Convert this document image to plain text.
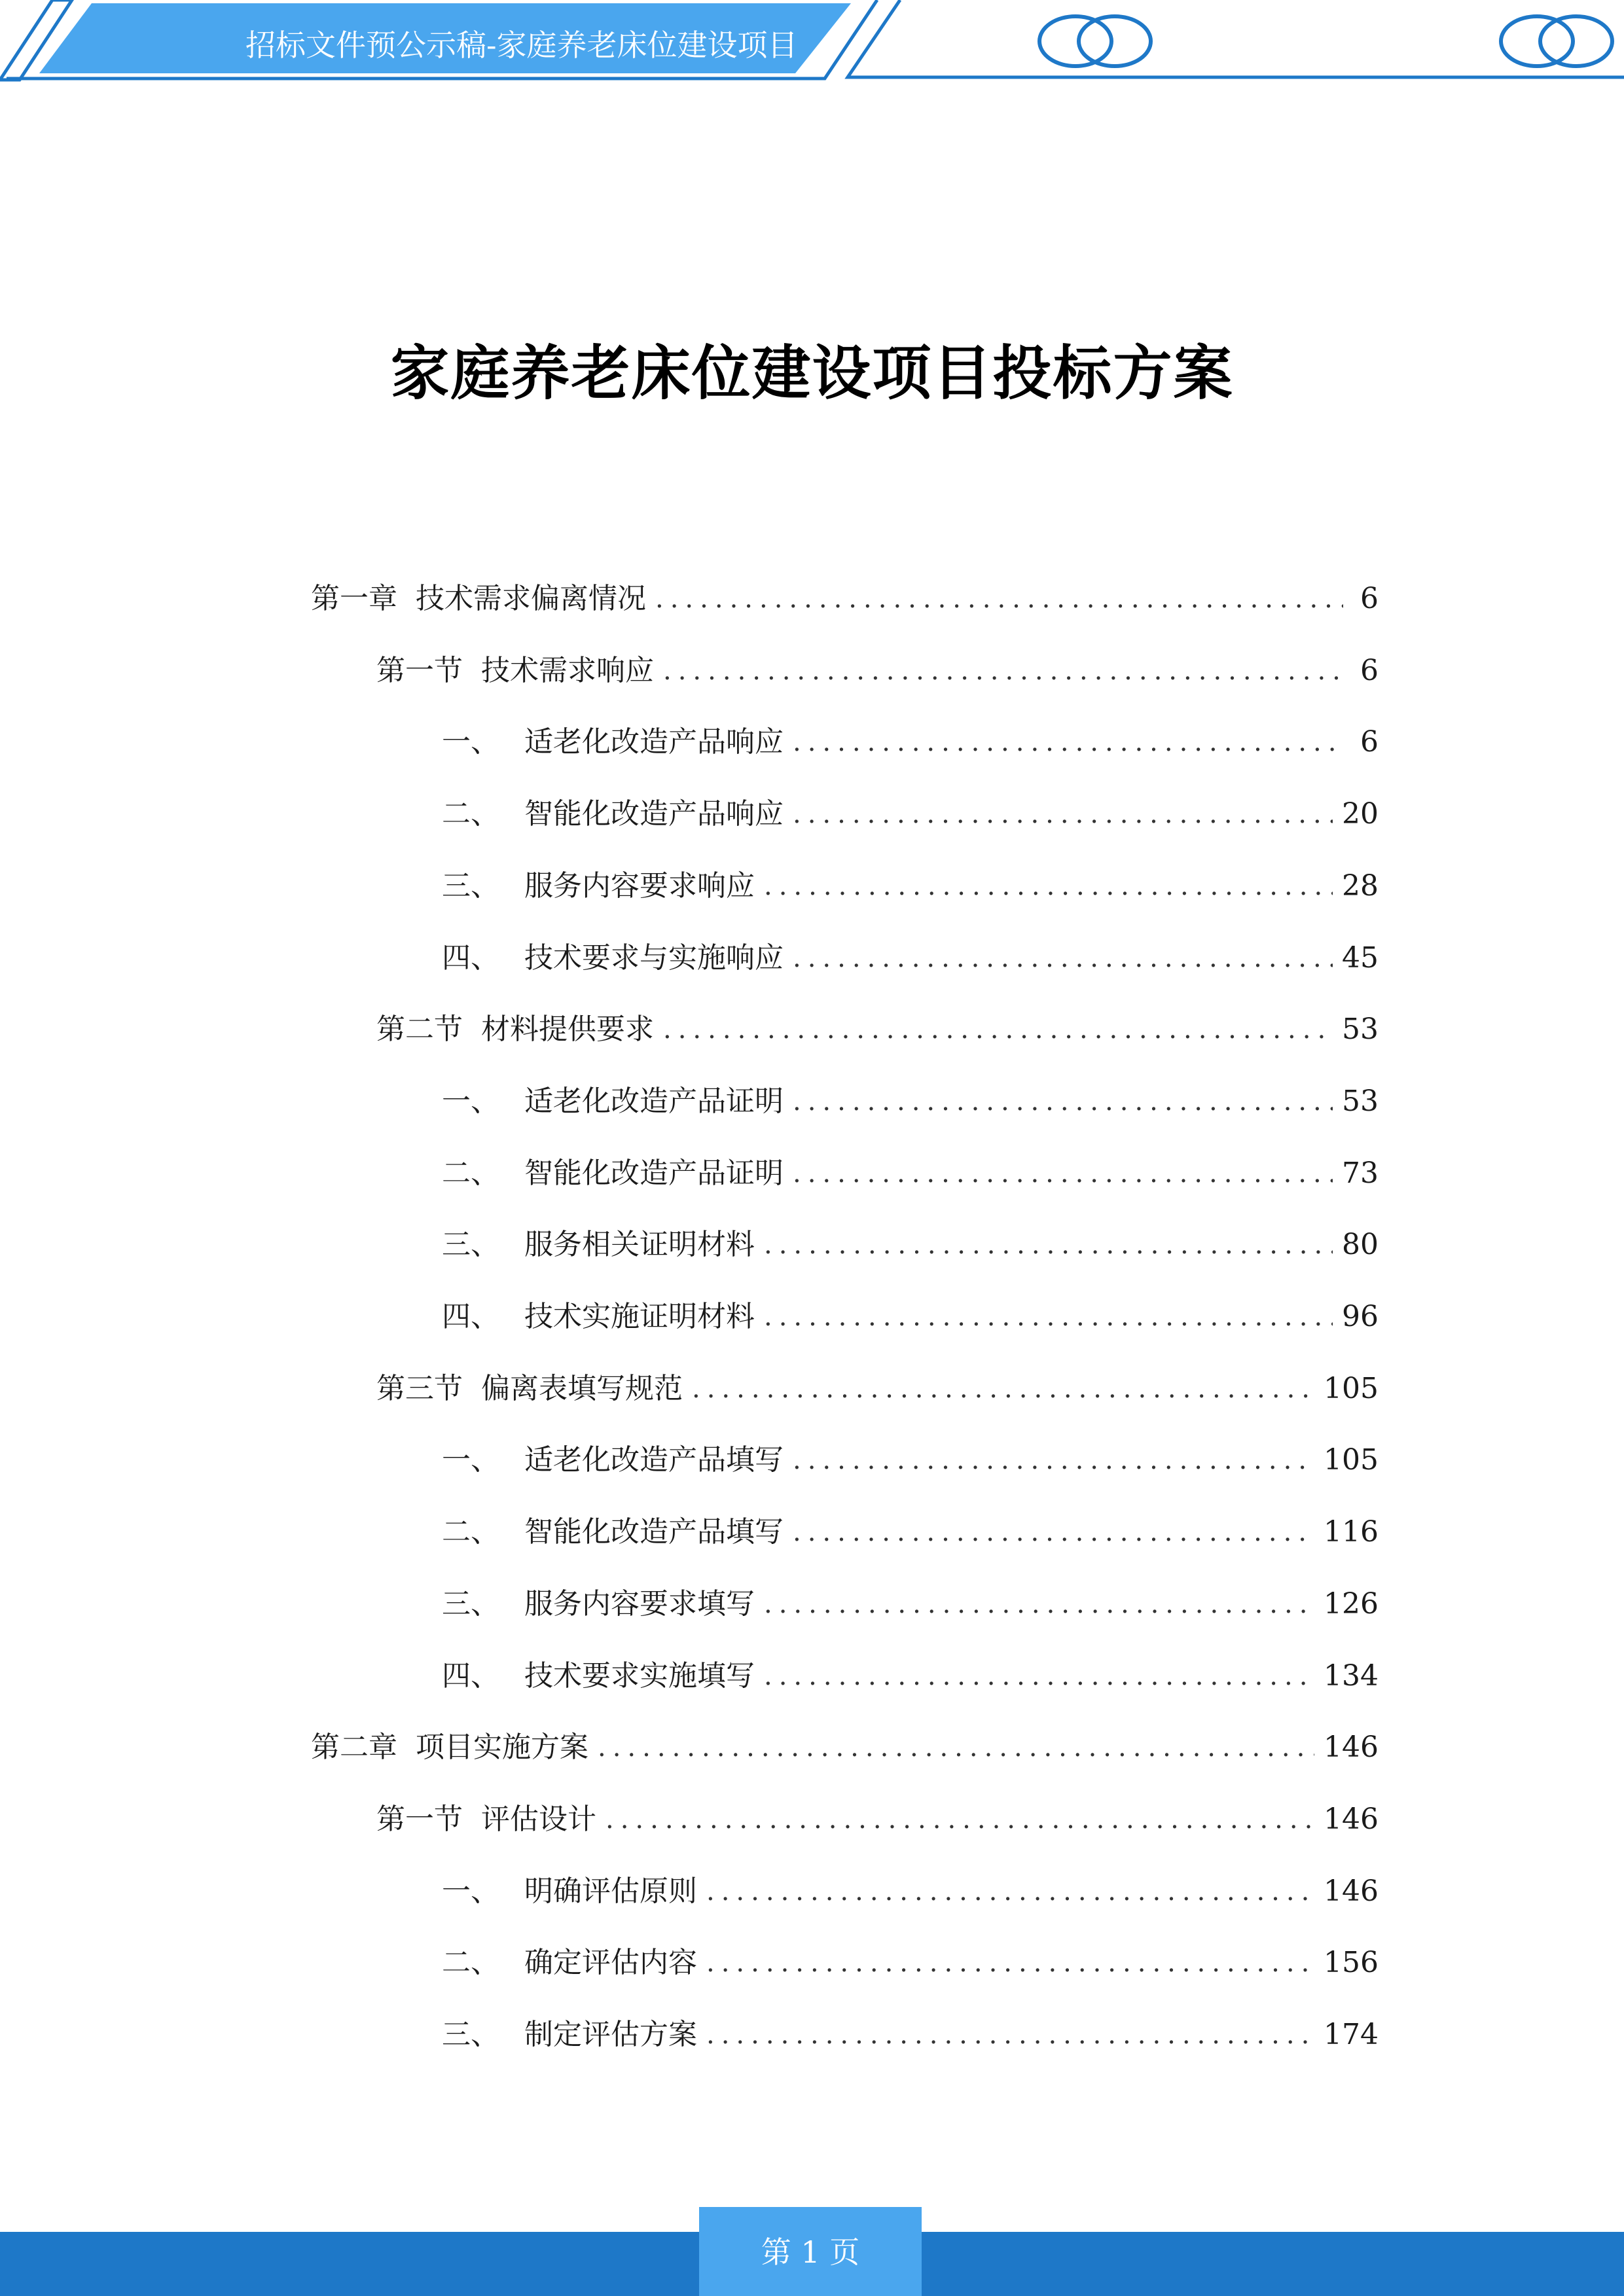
招标文件预公示稿-家庭养老床位建设项目
家庭养老床位建设项目投标方案
第一章 技术需求偏离情况 .....	6
第一节 技术需求响应 .....	6
一、 适老化改造产品响应 .....	6
二、 智能化改造产品响应 .....	20
三、 服务内容要求响应 .....	28
四、 技术要求与实施响应 .....	45
第二节 材料提供要求 .....	53
一、 适老化改造产品证明 .....	53
二、 智能化改造产品证明 .....	73
三、 服务相关证明材料 .....	80
四、 技术实施证明材料 .....	96
第三节 偏离表填写规范 .....	105
一、 适老化改造产品填写 .....	105
二、 智能化改造产品填写 .....	116
三、 服务内容要求填写 .....	126
四、 技术要求实施填写 .....	134
第二章 项目实施方案 .....	146
第一节 评估设计 .....	146
一、 明确评估原则 .....	146
二、 确定评估内容 .....	156
三、 制定评估方案 .....	174
第 1 页
